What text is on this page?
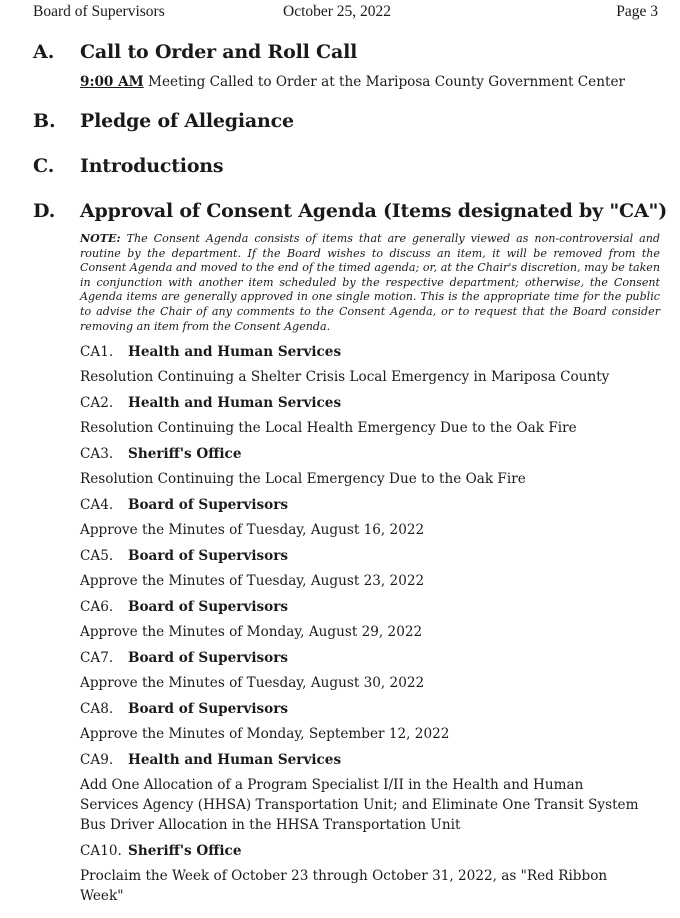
Board of Supervisors	October 25, 2022	Page 3
A. Call to Order and Roll Call
9:00 AM Meeting Called to Order at the Mariposa County Government Center
B. Pledge of Allegiance
C. Introductions
D. Approval of Consent Agenda (Items designated by "CA")
NOTE: The Consent Agenda consists of items that are generally viewed as non-controversial and routine by the department. If the Board wishes to discuss an item, it will be removed from the Consent Agenda and moved to the end of the timed agenda; or, at the Chair's discretion, may be taken in conjunction with another item scheduled by the respective department; otherwise, the Consent Agenda items are generally approved in one single motion. This is the appropriate time for the public to advise the Chair of any comments to the Consent Agenda, or to request that the Board consider removing an item from the Consent Agenda.
CA1. Health and Human Services
Resolution Continuing a Shelter Crisis Local Emergency in Mariposa County
CA2. Health and Human Services
Resolution Continuing the Local Health Emergency Due to the Oak Fire
CA3. Sheriff's Office
Resolution Continuing the Local Emergency Due to the Oak Fire
CA4. Board of Supervisors
Approve the Minutes of Tuesday, August 16, 2022
CA5. Board of Supervisors
Approve the Minutes of Tuesday, August 23, 2022
CA6. Board of Supervisors
Approve the Minutes of Monday, August 29, 2022
CA7. Board of Supervisors
Approve the Minutes of Tuesday, August 30, 2022
CA8. Board of Supervisors
Approve the Minutes of Monday, September 12, 2022
CA9. Health and Human Services
Add One Allocation of a Program Specialist I/II in the Health and Human
Services Agency (HHSA) Transportation Unit; and Eliminate One Transit System
Bus Driver Allocation in the HHSA Transportation Unit
CA10. Sheriff's Office
Proclaim the Week of October 23 through October 31, 2022, as "Red Ribbon
Week"
